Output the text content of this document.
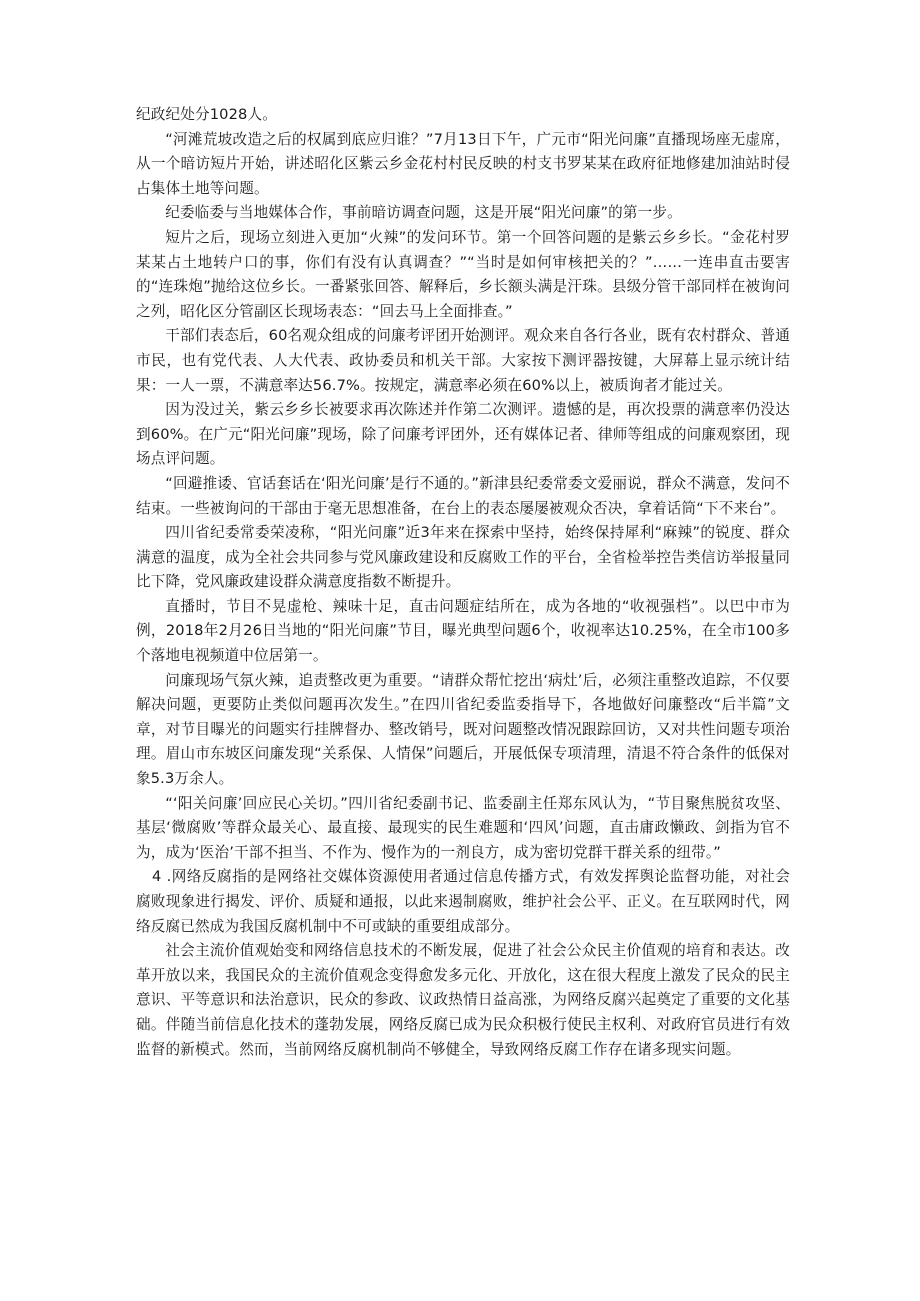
纪政纪处分1028人。

“河滩荒坡改造之后的权属到底应归谁？”7月13日下午，广元市“阳光问廉”直播现场座无虚席，从一个暗访短片开始，讲述昭化区紫云乡金花村村民反映的村支书罗某某在政府征地修建加油站时侵占集体土地等问题。

纪委临委与当地媒体合作，事前暗访调查问题，这是开展“阳光问廉”的第一步。

短片之后，现场立刻进入更加“火辣”的发问环节。第一个回答问题的是紫云乡乡长。“金花村罗某某占土地转户口的事，你们有没有认真调查？”“当时是如何审核把关的？”……一连串直击要害的“连珠炮”抛给这位乡长。一番紧张回答、解释后，乡长额头满是汗珠。县级分管干部同样在被询问之列，昭化区分管副区长现场表态：“回去马上全面排查。”

干部们表态后，60名观众组成的问廉考评团开始测评。观众来自各行各业，既有农村群众、普通市民，也有党代表、人大代表、政协委员和机关干部。大家按下测评器按键，大屏幕上显示统计结果：一人一票，不满意率达56.7%。按规定，满意率必须在60%以上，被质询者才能过关。

因为没过关，紫云乡乡长被要求再次陈述并作第二次测评。遗憾的是，再次投票的满意率仍没达到60%。在广元“阳光问廉”现场，除了问廉考评团外，还有媒体记者、律师等组成的问廉观察团，现场点评问题。

“回避推诿、官话套话在‘阳光问廉’是行不通的。”新津县纪委常委文爱丽说，群众不满意，发问不结束。一些被询问的干部由于毫无思想准备，在台上的表态屡屡被观众否决，拿着话筒“下不来台”。

四川省纪委常委荣凌称，“阳光问廉”近3年来在探索中坚持，始终保持犀利“麻辣”的锐度、群众满意的温度，成为全社会共同参与党风廉政建设和反腐败工作的平台，全省检举控告类信访举报量同比下降，党风廉政建设群众满意度指数不断提升。

直播时，节目不晃虚枪、辣味十足，直击问题症结所在，成为各地的“收视强档”。以巴中市为例，2018年2月26日当地的“阳光问廉”节目，曝光典型问题6个，收视率达10.25%，在全市100多个落地电视频道中位居第一。

问廉现场气氛火辣，追责整改更为重要。“请群众帮忙挖出‘病灶’后，必须注重整改追踪，不仅要解决问题，更要防止类似问题再次发生。”在四川省纪委监委指导下，各地做好问廉整改“后半篇”文章，对节目曝光的问题实行挂牌督办、整改销号，既对问题整改情况跟踪回访，又对共性问题专项治理。眉山市东坡区问廉发现“关系保、人情保”问题后，开展低保专项清理，清退不符合条件的低保对象5.3万余人。

“‘阳关问廉’回应民心关切。”四川省纪委副书记、监委副主任郑东风认为，“节目聚焦脱贫攻坚、基层‘微腐败’等群众最关心、最直接、最现实的民生难题和‘四风’问题，直击庸政懒政、剑指为官不为，成为‘医治’干部不担当、不作为、慢作为的一剂良方，成为密切党群干群关系的纽带。”

4 .网络反腐指的是网络社交媒体资源使用者通过信息传播方式，有效发挥舆论监督功能，对社会腐败现象进行揭发、评价、质疑和通报，以此来遏制腐败，维护社会公平、正义。在互联网时代，网络反腐已然成为我国反腐机制中不可或缺的重要组成部分。

社会主流价值观始变和网络信息技术的不断发展，促进了社会公众民主价值观的培育和表达。改革开放以来，我国民众的主流价值观念变得愈发多元化、开放化，这在很大程度上激发了民众的民主意识、平等意识和法治意识，民众的参政、议政热情日益高涨，为网络反腐兴起奠定了重要的文化基础。伴随当前信息化技术的蓬勃发展，网络反腐已成为民众积极行使民主权利、对政府官员进行有效监督的新模式。然而，当前网络反腐机制尚不够健全，导致网络反腐工作存在诸多现实问题。
